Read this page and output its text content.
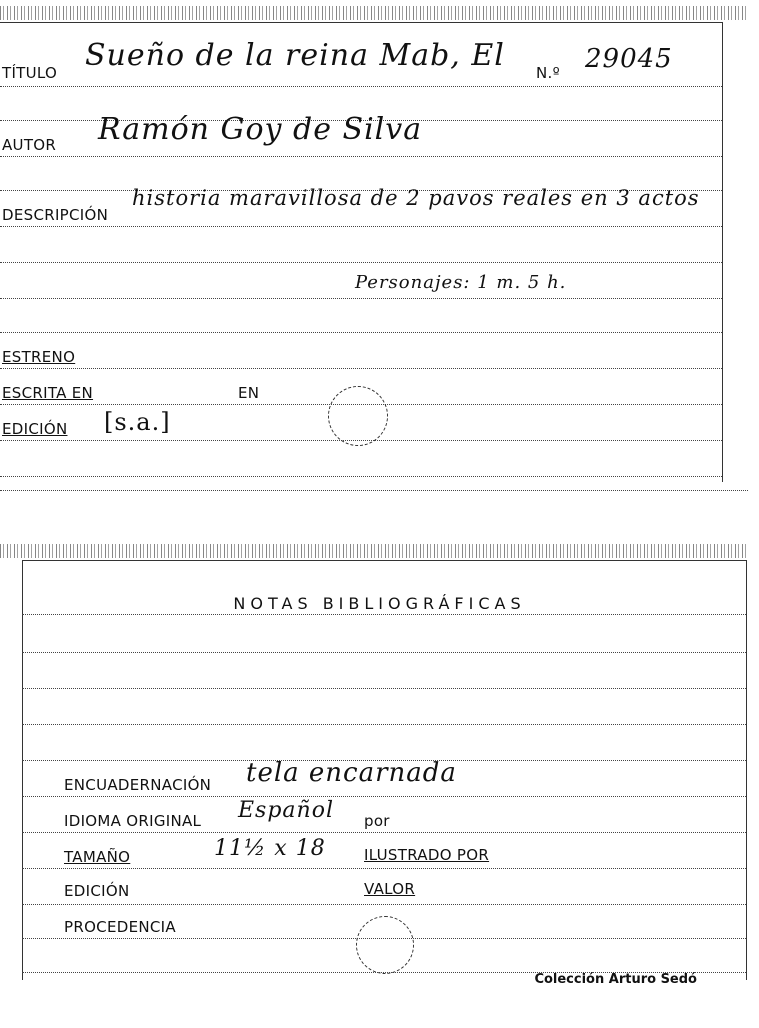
TÍTULO Sueño de la reina Mab, El N.º 29045
AUTOR Ramón Goy de Silva
DESCRIPCIÓN
historia maravillosa de 2 pavos reales en 3 actos
Personajes: 1 m. 5 h.
ESTRENO
ESCRITA EN	EN
EDICIÓN [s.a.]
NOTAS BIBLIOGRÁFICAS
ENCUADERNACIÓN tela encarnada
IDIOMA ORIGINAL Español por
TAMAÑO	11½ x 18	ILUSTRADO POR
EDICIÓN	VALOR
PROCEDENCIA
Colección Arturo Sedó
